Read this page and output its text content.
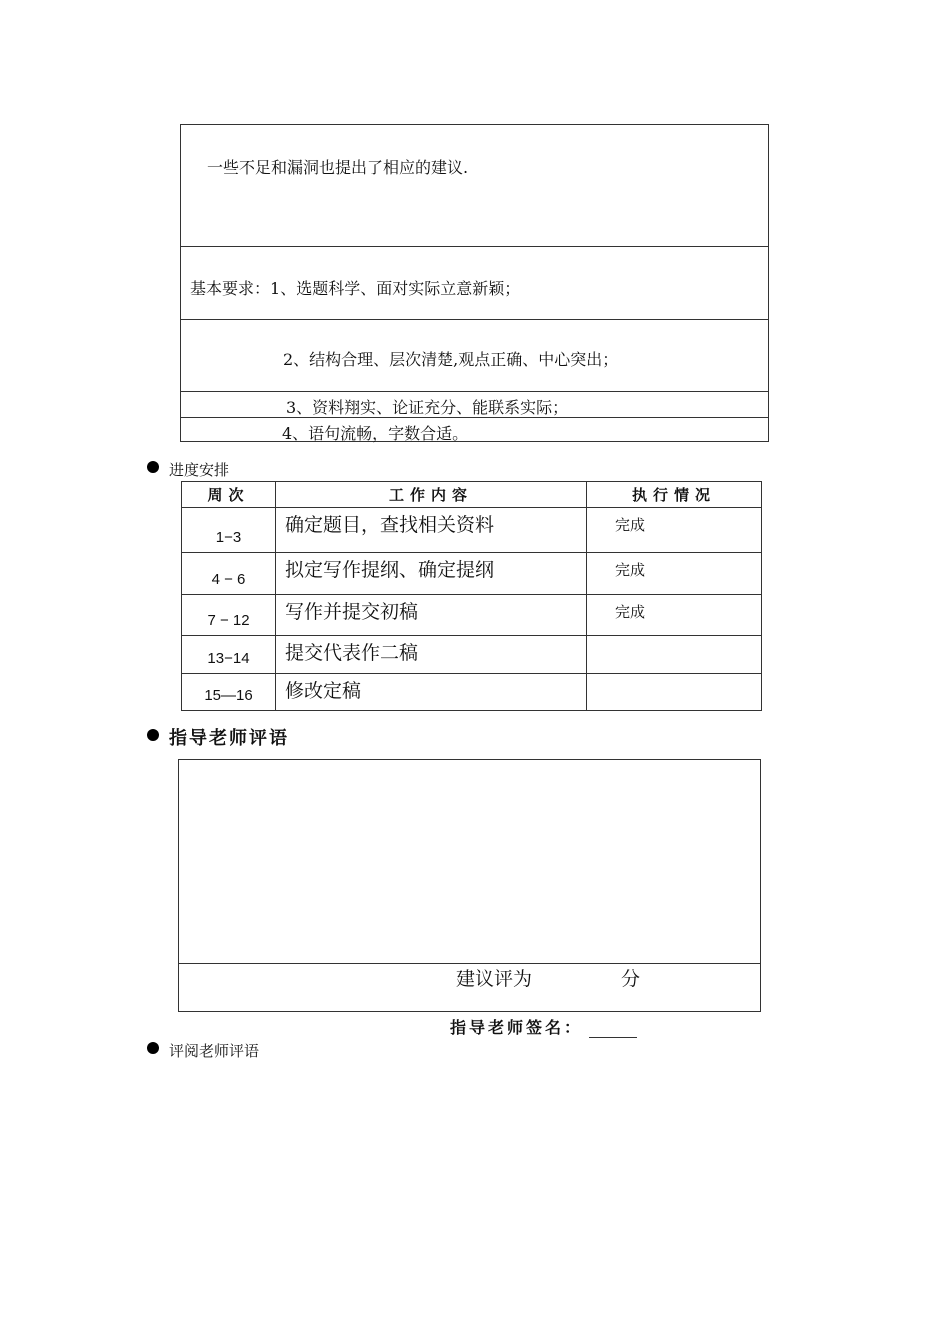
一些不足和漏洞也提出了相应的建议.
基本要求：1、选题科学、面对实际立意新颖；
2、结构合理、层次清楚,观点正确、中心突出；
3、资料翔实、论证充分、能联系实际；
4、语句流畅，字数合适。
进度安排
周次	工作内容	执行情况
1−3	确定题目，查找相关资料	完成
4 − 6	拟定写作提纲、确定提纲	完成
7 − 12	写作并提交初稿	完成
13−14	提交代表作二稿	
15—16	修改定稿	
指导老师评语
建议评为	分
指导老师签名：
评阅老师评语
